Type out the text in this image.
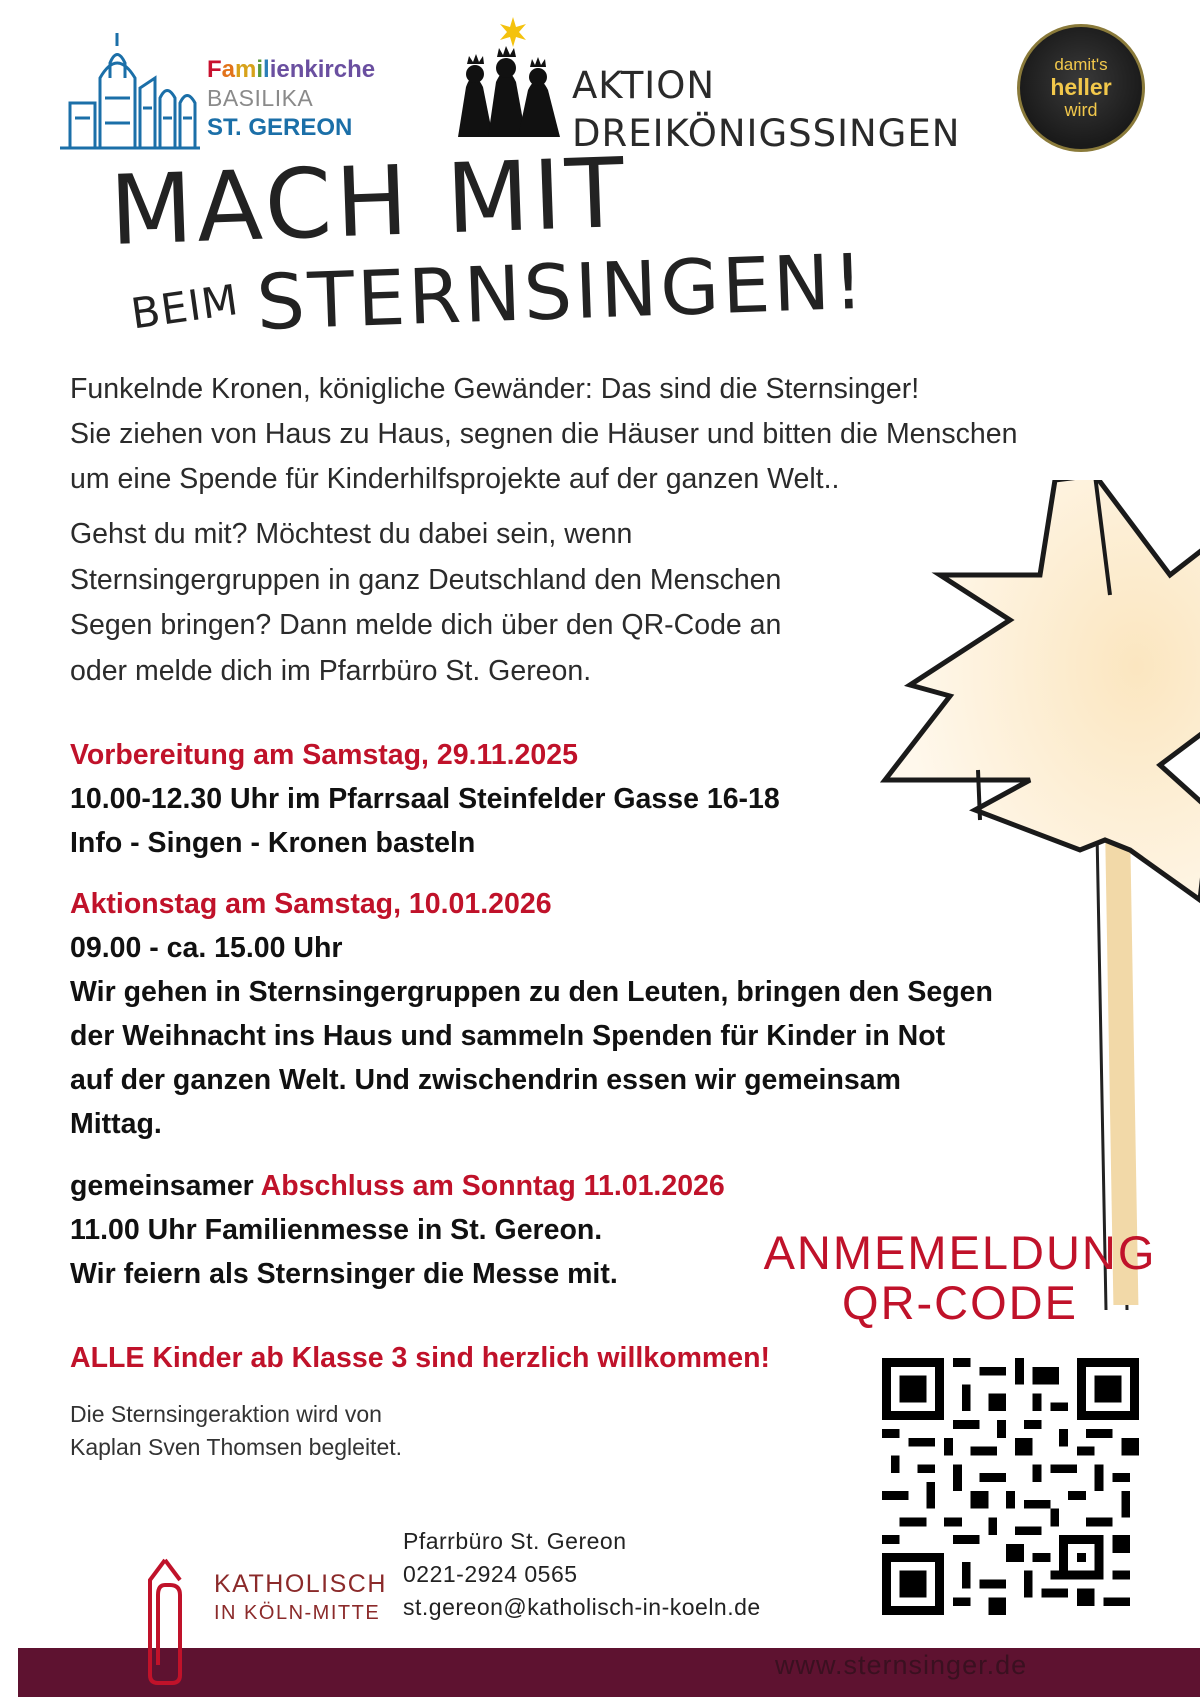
Familienkirche
BASILIKA
ST. GEREON
AKTION
DREIKÖNIGSSINGEN
damit's
heller
wird
MACH MIT
BEIM STERNSINGEN!

Funkelnde Kronen, königliche Gewänder: Das sind die Sternsinger!

Sie ziehen von Haus zu Haus, segnen die Häuser und bitten die Menschen

um eine Spende für Kinderhilfsprojekte auf der ganzen Welt..

Gehst du mit? Möchtest du dabei sein, wenn
Sternsingergruppen in ganz Deutschland den Menschen
Segen bringen? Dann melde dich über den QR-Code an
oder melde dich im Pfarrbüro St. Gereon.
Vorbereitung am Samstag, 29.11.2025
10.00-12.30 Uhr im Pfarrsaal Steinfelder Gasse 16-18
Info - Singen - Kronen basteln
Aktionstag am Samstag, 10.01.2026
09.00 - ca. 15.00 Uhr
Wir gehen in Sternsingergruppen zu den Leuten, bringen den Segen
der Weihnacht ins Haus und sammeln Spenden für Kinder in Not
auf der ganzen Welt. Und zwischendrin essen wir gemeinsam
Mittag.
gemeinsamer Abschluss am Sonntag 11.01.2026
11.00 Uhr Familienmesse in St. Gereon.
Wir feiern als Sternsinger die Messe mit.
ALLE Kinder ab Klasse 3 sind herzlich willkommen!
Die Sternsingeraktion wird von
Kaplan Sven Thomsen begleitet.
ANMEMELDUNG
QR-CODE
Pfarrbüro St. Gereon
0221-2924 0565
st.gereon@katholisch-in-koeln.de
www.sternsinger.de
KATHOLISCH
IN KÖLN-MITTE
